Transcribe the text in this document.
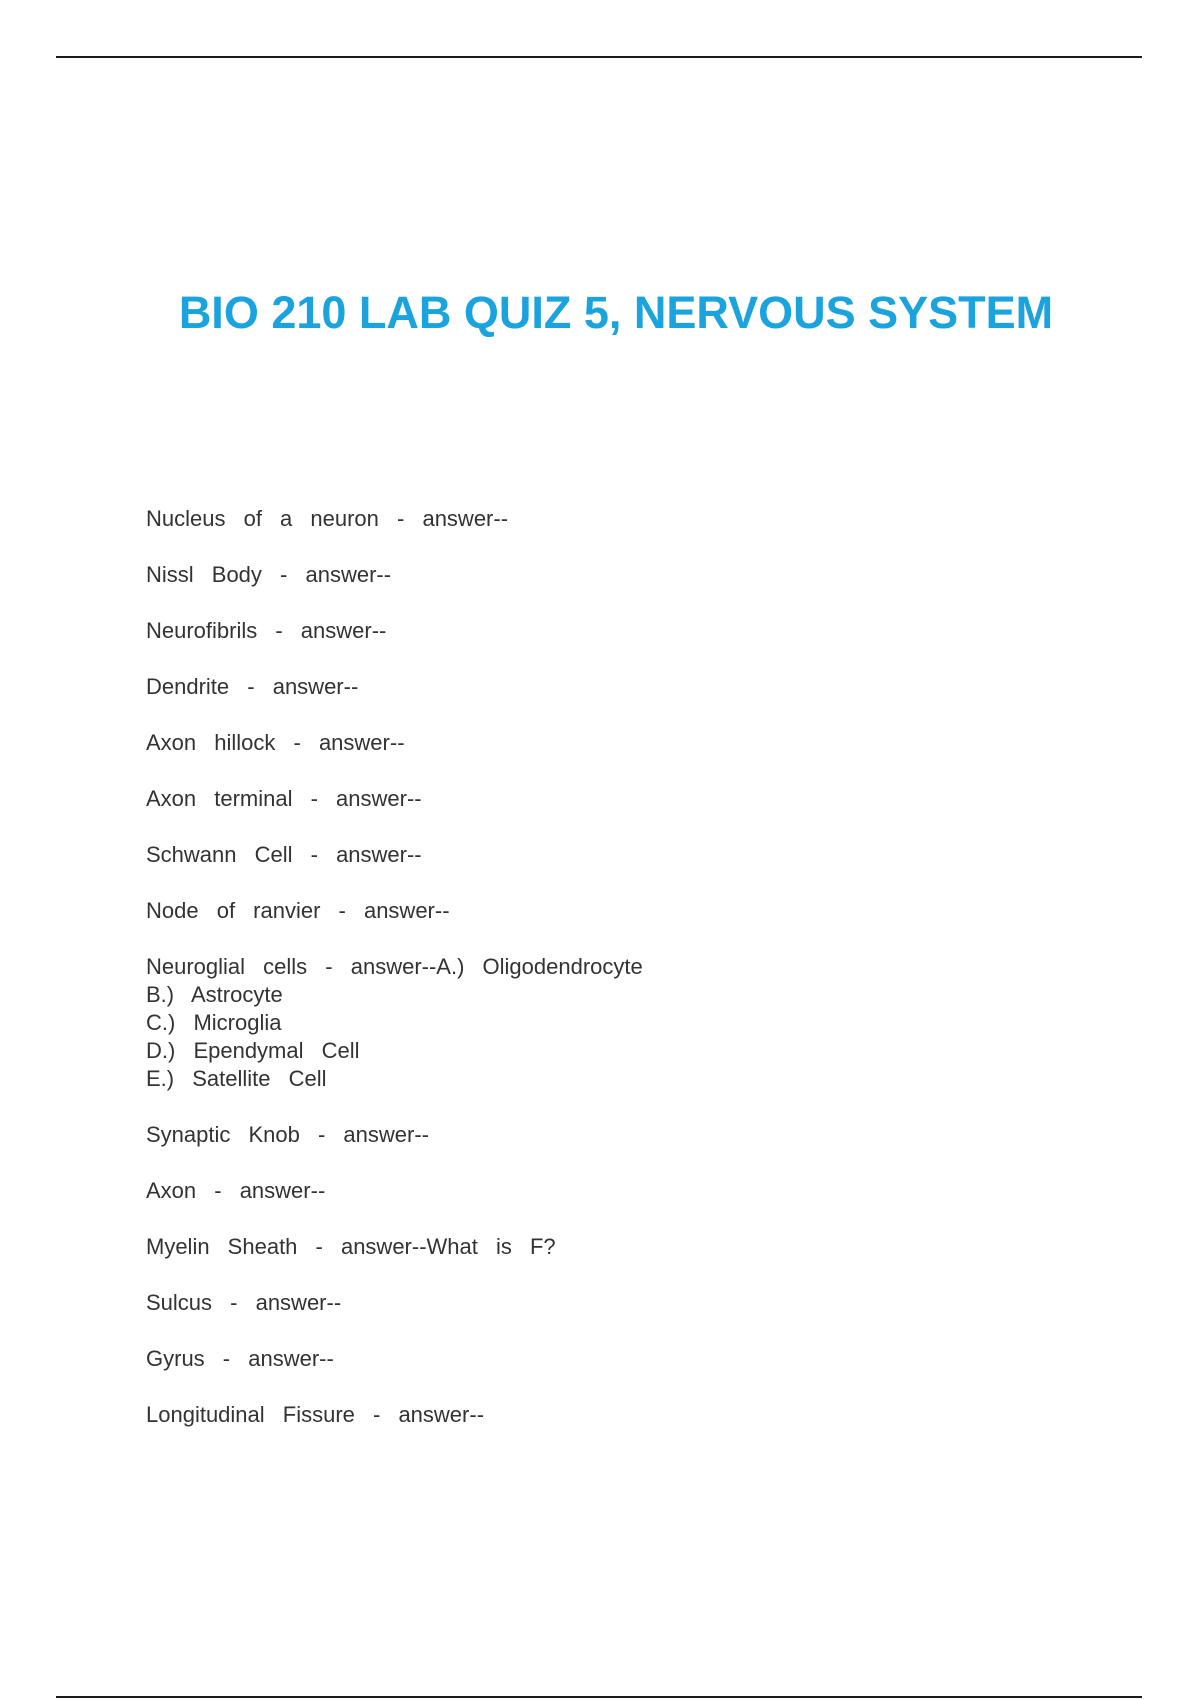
BIO 210 LAB QUIZ 5, NERVOUS SYSTEM
Nucleus of a neuron - answer--
Nissl Body - answer--
Neurofibrils - answer--
Dendrite - answer--
Axon hillock - answer--
Axon terminal - answer--
Schwann Cell - answer--
Node of ranvier - answer--
Neuroglial cells - answer--A.) Oligodendrocyte
B.) Astrocyte
C.) Microglia
D.) Ependymal Cell
E.) Satellite Cell
Synaptic Knob - answer--
Axon - answer--
Myelin Sheath - answer--What is F?
Sulcus - answer--
Gyrus - answer--
Longitudinal Fissure - answer--
